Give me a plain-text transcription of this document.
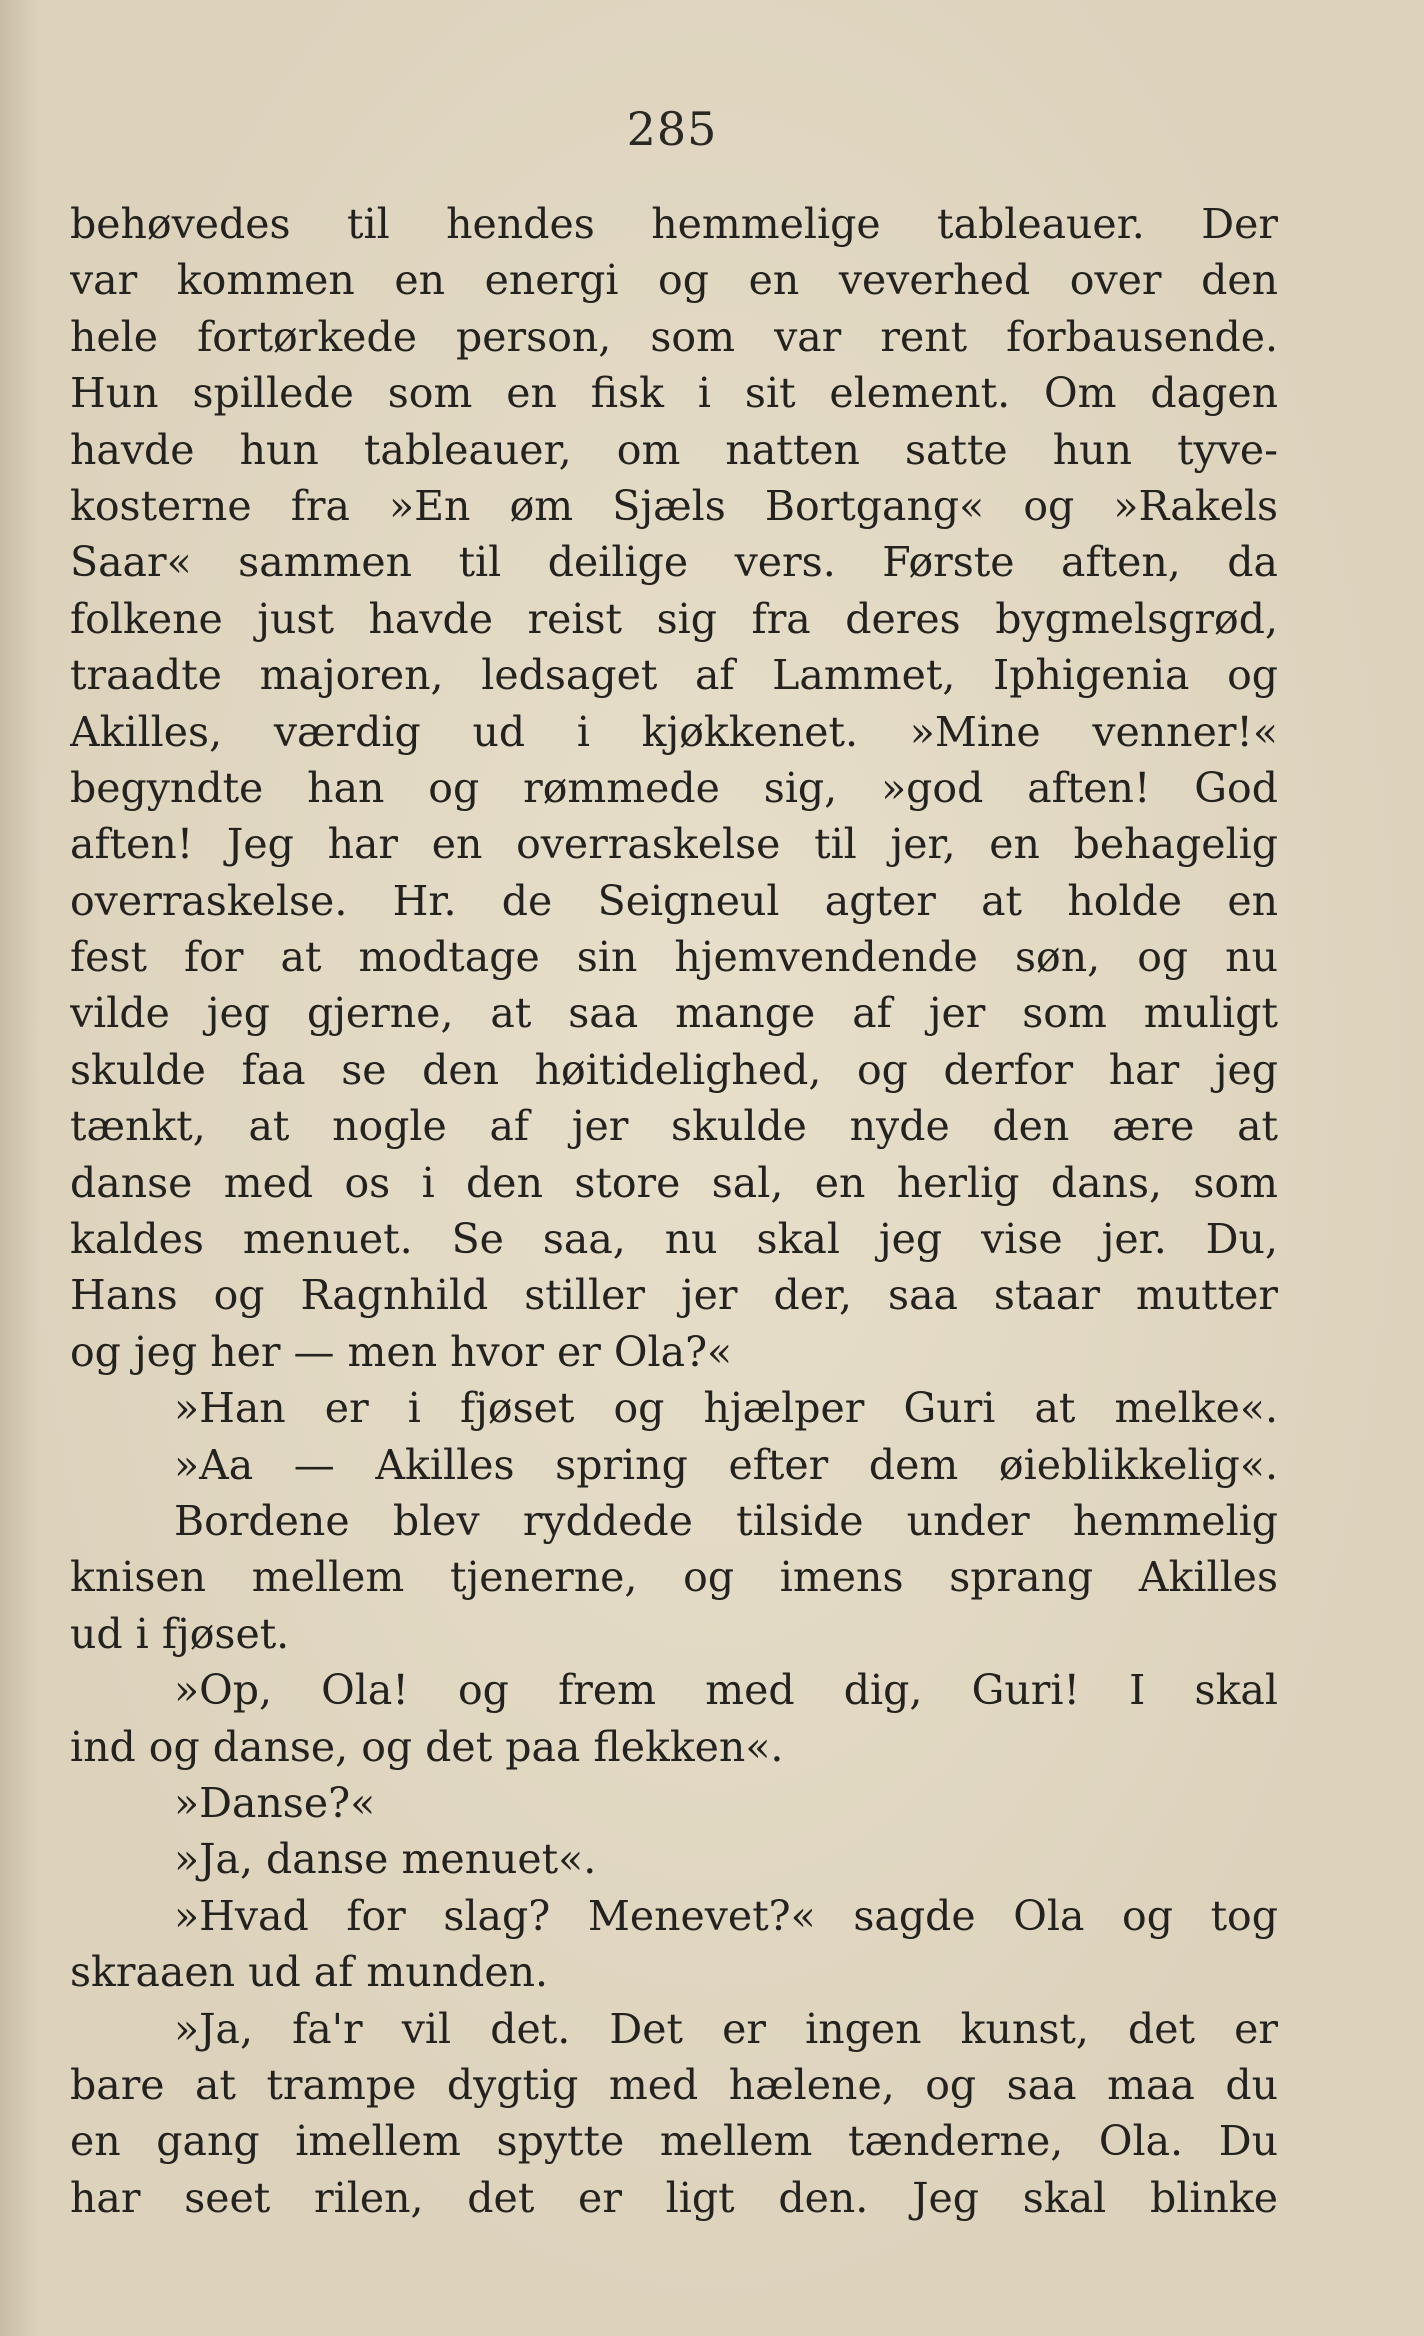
285
behøvedes til hendes hemmelige tableauer. Der
var kommen en energi og en veverhed over den
hele fortørkede person, som var rent forbausende.
Hun spillede som en fisk i sit element. Om dagen
havde hun tableauer, om natten satte hun tyve-
kosterne fra »En øm Sjæls Bortgang« og »Rakels
Saar« sammen til deilige vers. Første aften, da
folkene just havde reist sig fra deres bygmelsgrød,
traadte majoren, ledsaget af Lammet, Iphigenia og
Akilles, værdig ud i kjøkkenet. »Mine venner!«
begyndte han og rømmede sig, »god aften! God
aften! Jeg har en overraskelse til jer, en behagelig
overraskelse. Hr. de Seigneul agter at holde en
fest for at modtage sin hjemvendende søn, og nu
vilde jeg gjerne, at saa mange af jer som muligt
skulde faa se den høitidelighed, og derfor har jeg
tænkt, at nogle af jer skulde nyde den ære at
danse med os i den store sal, en herlig dans, som
kaldes menuet. Se saa, nu skal jeg vise jer. Du,
Hans og Ragnhild stiller jer der, saa staar mutter
og jeg her — men hvor er Ola?«
»Han er i fjøset og hjælper Guri at melke«.
»Aa — Akilles spring efter dem øieblikkelig«.
Bordene blev ryddede tilside under hemmelig
knisen mellem tjenerne, og imens sprang Akilles
ud i fjøset.
»Op, Ola! og frem med dig, Guri! I skal
ind og danse, og det paa flekken«.
»Danse?«
»Ja, danse menuet«.
»Hvad for slag? Menevet?« sagde Ola og tog
skraaen ud af munden.
»Ja, fa'r vil det. Det er ingen kunst, det er
bare at trampe dygtig med hælene, og saa maa du
en gang imellem spytte mellem tænderne, Ola. Du
har seet rilen, det er ligt den. Jeg skal blinke
